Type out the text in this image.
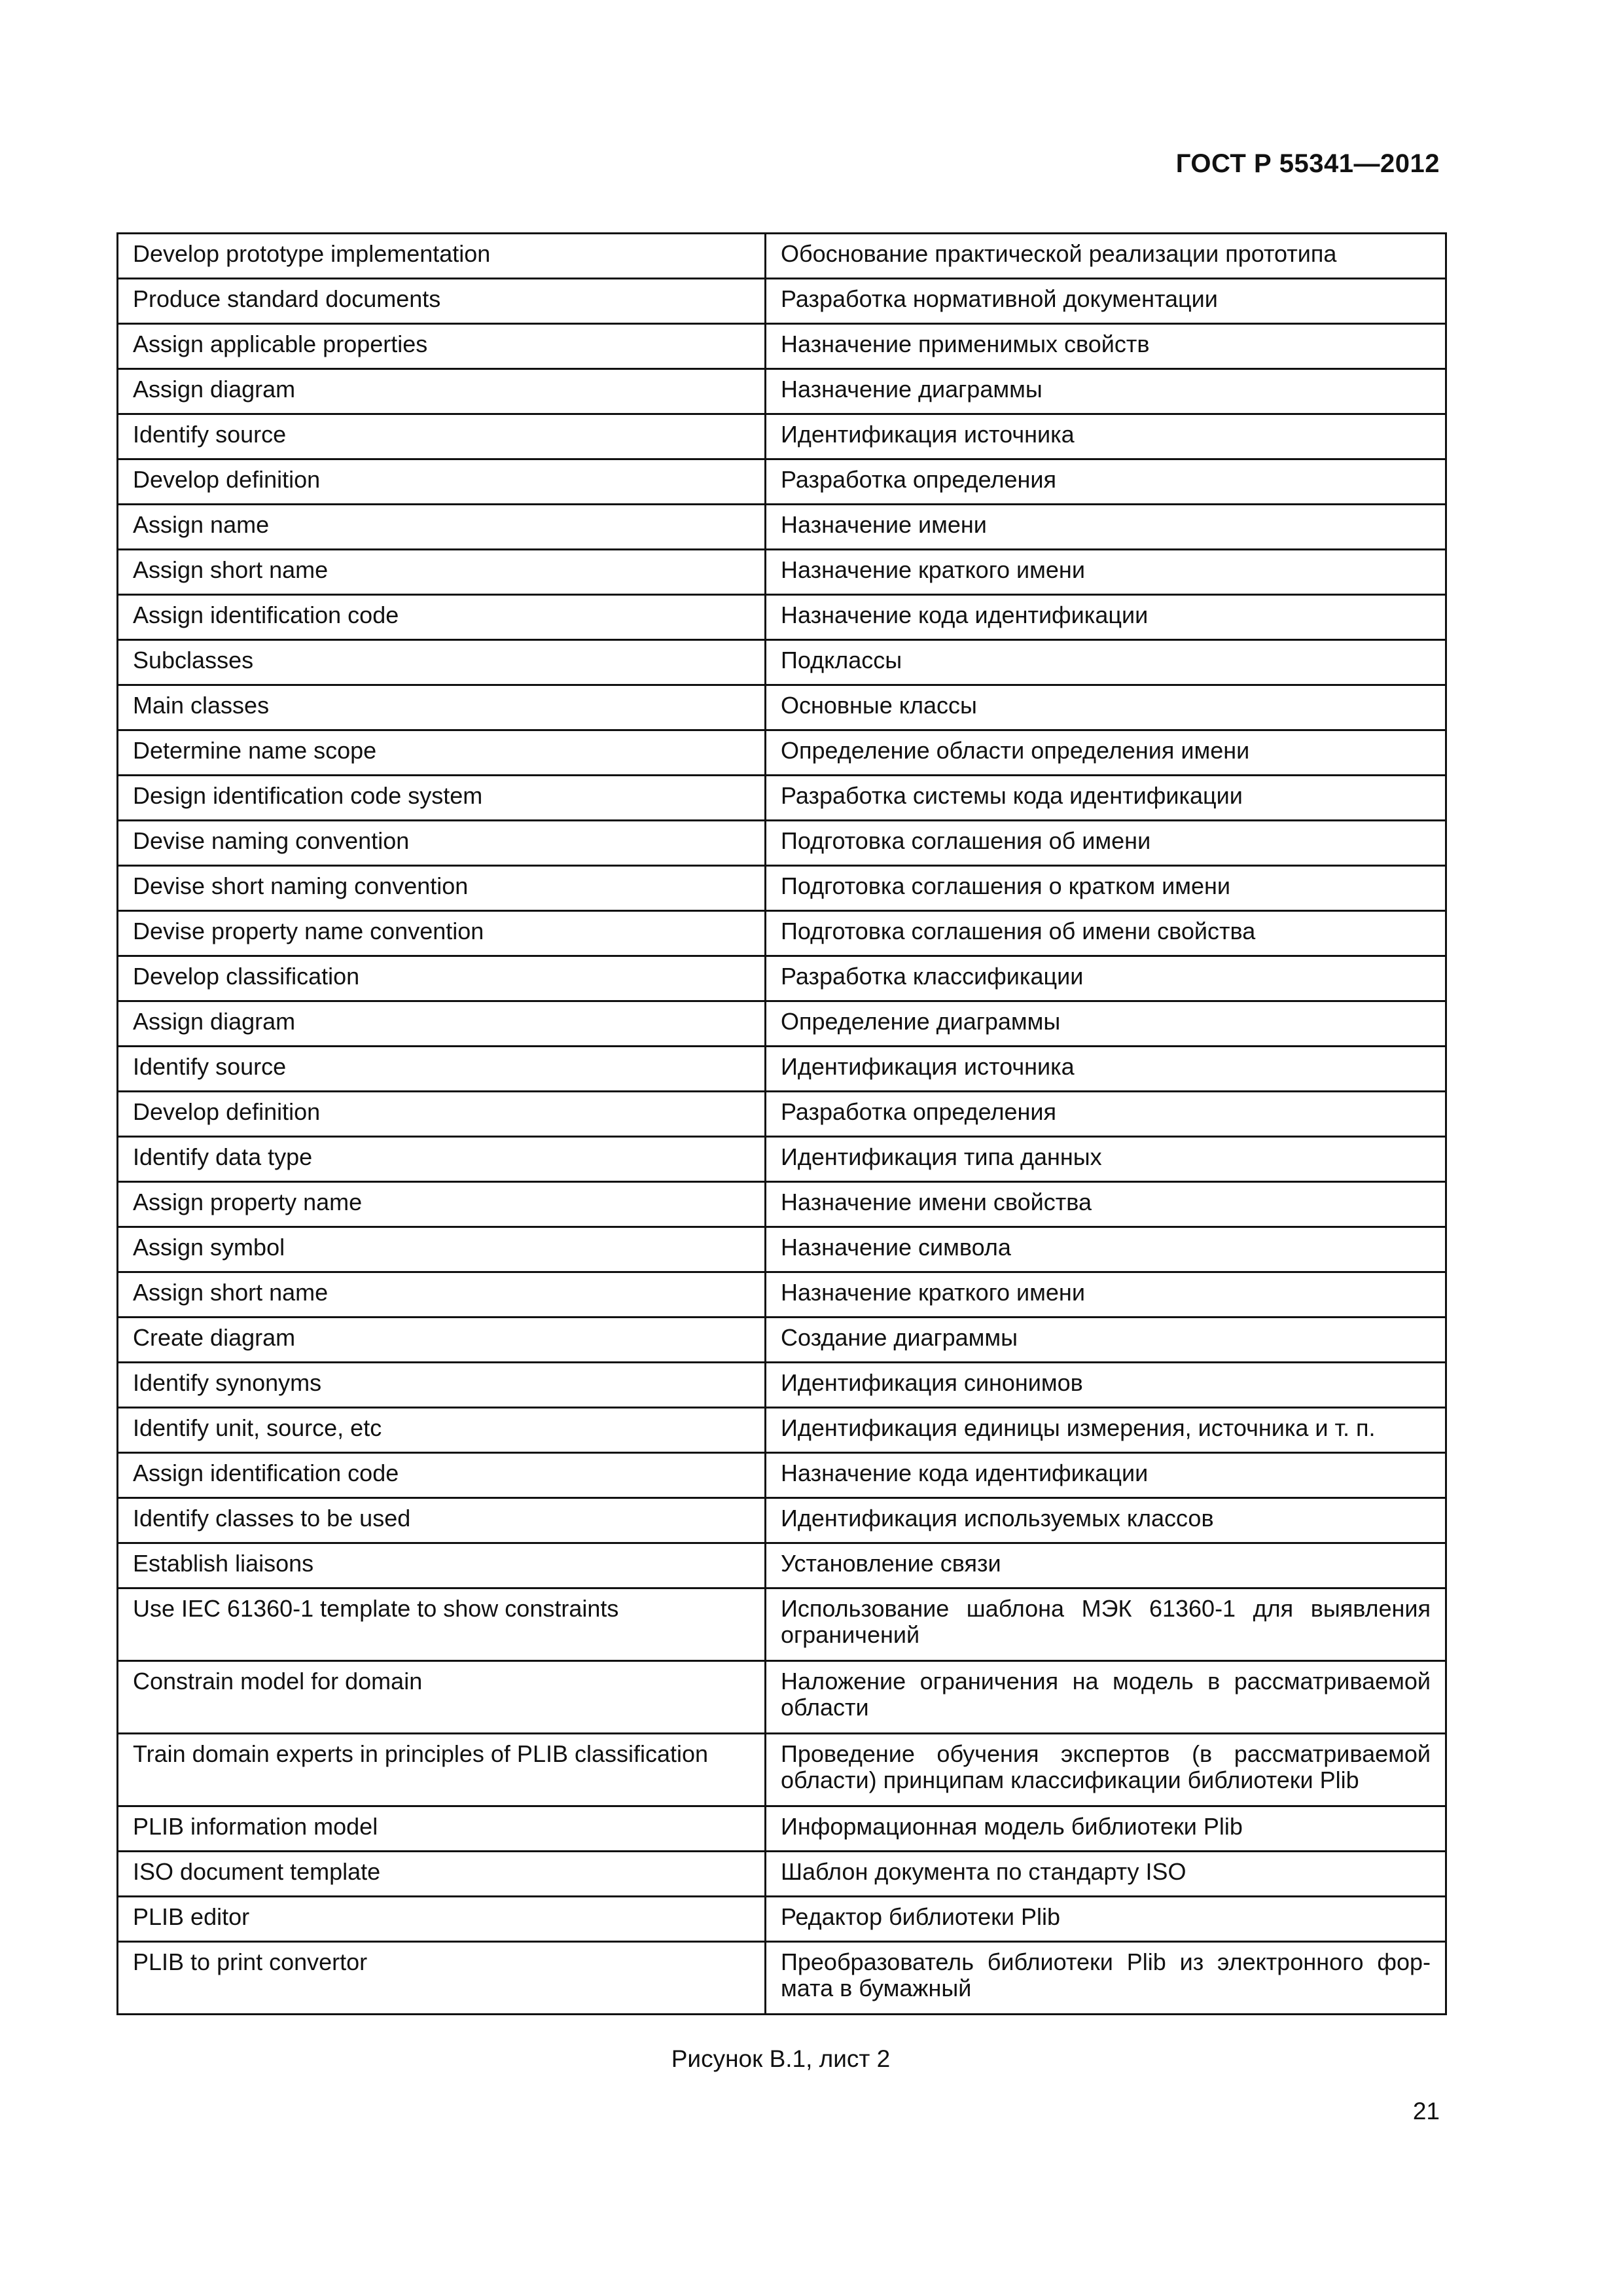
ГОСТ Р 55341—2012
Develop prototype implementation	Обоснование практической реализации прототипа
Produce standard documents	Разработка нормативной документации
Assign applicable properties	Назначение применимых свойств
Assign diagram	Назначение диаграммы
Identify source	Идентификация источника
Develop definition	Разработка определения
Assign name	Назначение имени
Assign short name	Назначение краткого имени
Assign identification code	Назначение кода идентификации
Subclasses	Подклассы
Main classes	Основные классы
Determine name scope	Определение области определения имени
Design identification code system	Разработка системы кода идентификации
Devise naming convention	Подготовка соглашения об имени
Devise short naming convention	Подготовка соглашения о кратком имени
Devise property name convention	Подготовка соглашения об имени свойства
Develop classification	Разработка классификации
Assign diagram	Определение диаграммы
Identify source	Идентификация источника
Develop definition	Разработка определения
Identify data type	Идентификация типа данных
Assign property name	Назначение имени свойства
Assign symbol	Назначение символа
Assign short name	Назначение краткого имени
Create diagram	Создание диаграммы
Identify synonyms	Идентификация синонимов
Identify unit, source, etc	Идентификация единицы измерения, источника и т. п.
Assign identification code	Назначение кода идентификации
Identify classes to be used	Идентификация используемых классов
Establish liaisons	Установление связи
Use IEC 61360-1 template to show constraints	Использование шаблона МЭК 61360-1 для выявления ограничений
Constrain model for domain	Наложение ограничения на модель в рассматриваемой области
Train domain experts in principles of PLIB classification	Проведение обучения экспертов (в рассматриваемой области) принципам классификации библиотеки Plib
PLIB information model	Информационная модель библиотеки Plib
ISO document template	Шаблон документа по стандарту ISO
PLIB editor	Редактор библиотеки Plib
PLIB to print convertor	Преобразователь библиотеки Plib из электронного фор-мата в бумажный
Рисунок В.1, лист 2
21
